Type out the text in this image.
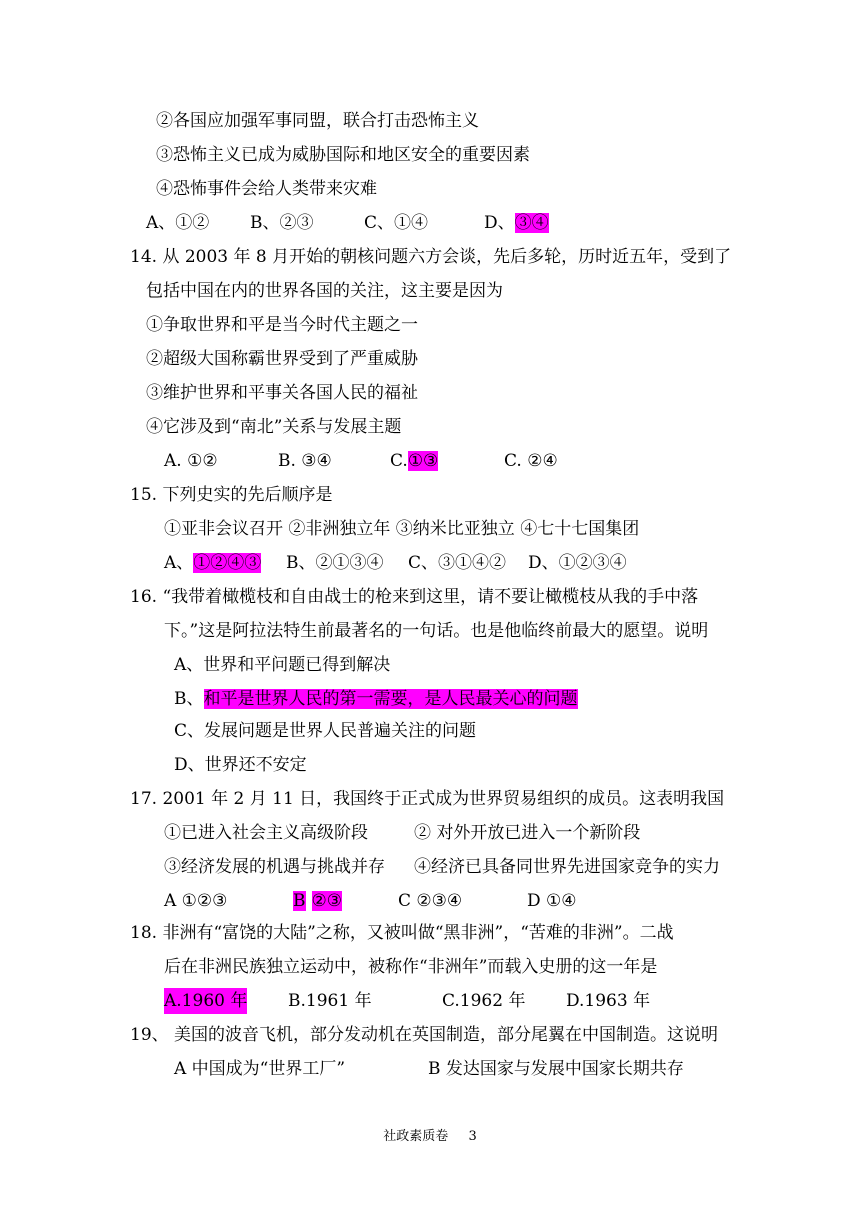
②各国应加强军事同盟，联合打击恐怖主义
③恐怖主义已成为威胁国际和地区安全的重要因素
④恐怖事件会给人类带来灾难
A、①② B、②③	C、①④	D、③④
14. 从 2003 年 8 月开始的朝核问题六方会谈，先后多轮，历时近五年，受到了
包括中国在内的世界各国的关注，这主要是因为
①争取世界和平是当今时代主题之一
②超级大国称霸世界受到了严重威胁
③维护世界和平事关各国人民的福祉
④它涉及到“南北”关系与发展主题
A. ①②	B. ③④	C.①③	C. ②④
15. 下列史实的先后顺序是
①亚非会议召开 ②非洲独立年 ③纳米比亚独立 ④七十七国集团
A、①②④③ B、②①③④ C、③①④② D、①②③④
16. “我带着橄榄枝和自由战士的枪来到这里，请不要让橄榄枝从我的手中落
下。”这是阿拉法特生前最著名的一句话。也是他临终前最大的愿望。说明
A、世界和平问题已得到解决
B、和平是世界人民的第一需要，是人民最关心的问题
C、发展问题是世界人民普遍关注的问题
D、世界还不安定
17. 2001 年 2 月 11 日，我国终于正式成为世界贸易组织的成员。这表明我国
①已进入社会主义高级阶段	② 对外开放已进入一个新阶段
③经济发展的机遇与挑战并存 ④经济已具备同世界先进国家竞争的实力
A ①②③	B ②③	C ②③④	D ①④
18. 非洲有“富饶的大陆”之称，又被叫做“黑非洲”，“苦难的非洲”。二战
后在非洲民族独立运动中，被称作“非洲年”而载入史册的这一年是
A.1960 年 B.1961 年	C.1962 年 D.1963 年
19、 美国的波音飞机，部分发动机在英国制造，部分尾翼在中国制造。这说明
A 中国成为“世界工厂”	B 发达国家与发展中国家长期共存
社政素质卷 3
